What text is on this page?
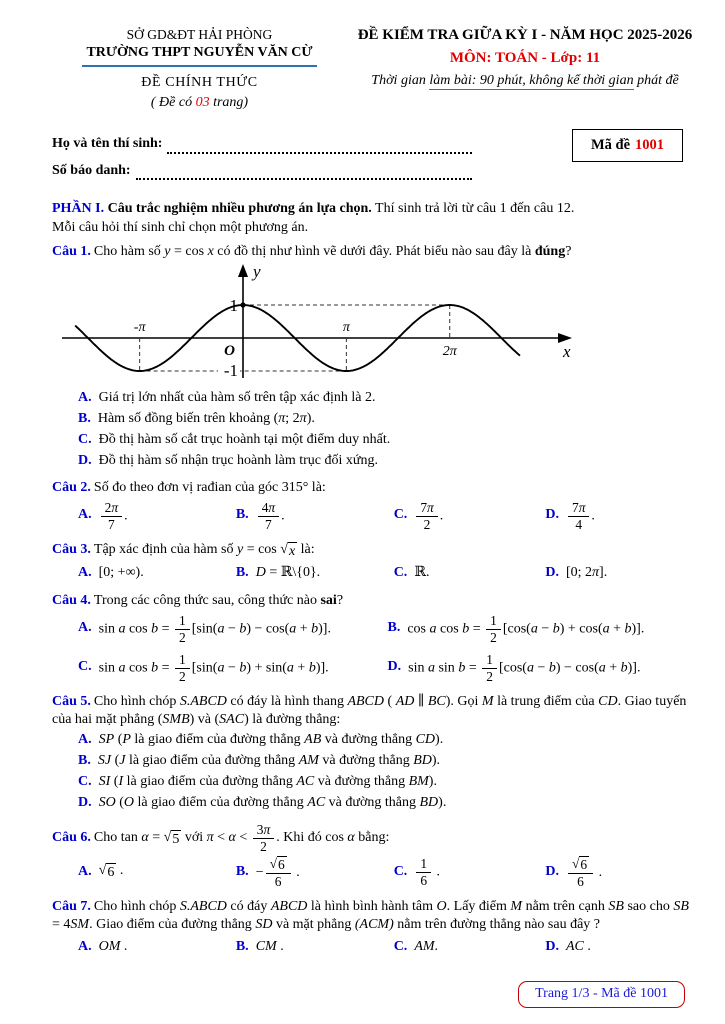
SỞ GD&ĐT HẢI PHÒNG
TRƯỜNG THPT NGUYỄN VĂN CỪ
ĐỀ CHÍNH THỨC
( Đề có 03 trang)
ĐỀ KIỂM TRA GIỮA KỲ I - NĂM HỌC 2025-2026
MÔN: TOÁN - Lớp: 11
Thời gian làm bài: 90 phút, không kể thời gian phát đề
Họ và tên thí sinh:
Số báo danh:
Mã đề 1001
PHẦN I. Câu trắc nghiệm nhiều phương án lựa chọn. Thí sinh trả lời từ câu 1 đến câu 12.
Mỗi câu hỏi thí sinh chỉ chọn một phương án.

Câu 1. Cho hàm số y = cos x có đồ thị như hình vẽ dưới đây. Phát biểu nào sau đây là đúng?

-π	π
2π
1
-1
O
y
x
A. Giá trị lớn nhất của hàm số trên tập xác định là 2.
B. Hàm số đồng biến trên khoảng (π; 2π).
C. Đồ thị hàm số cắt trục hoành tại một điểm duy nhất.
D. Đồ thị hàm số nhận trục hoành làm trục đối xứng.

Câu 2. Số đo theo đơn vị rađian của góc 315° là:

A. $\frac{2\pi}{7}$ .	B. $\frac{4\pi}{7}$ .	C. $\frac{7\pi}{2}$ .	D. $\frac{7\pi}{4}$ .

Câu 3. Tập xác định của hàm số y = cos √ x là:

A. [0; +∞).	B. D = ℝ\{0}.	C. ℝ.	D. [0; 2π].

Câu 4. Trong các công thức sau, công thức nào sai?

A. sin a $\cos b = \frac{1}{2} [\sin(a - b) - \cos(a + b)]$.	B. cos a $\cos b = \frac{1}{2} [\cos(a - b) + \cos(a + b)]$.
C. sin a $\cos b = \frac{1}{2} [\sin(a - b) + \sin(a + b)]$.	D. sin a $\sin b = \frac{1}{2} [\cos(a - b) - \cos(a + b)]$.

Câu 5. Cho hình chóp S.ABCD có đáy là hình thang ABCD ( AD ∥ BC). Gọi M là trung điểm của CD. Giao tuyến của hai mặt phẳng (SMB) và (SAC) là đường thẳng:

A. SP (P là giao điểm của đường thẳng AB và đường thẳng CD).
B. SJ (J là giao điểm của đường thẳng AM và đường thẳng BD).
C. SI (I là giao điểm của đường thẳng AC và đường thẳng BM).
D. SO (O là giao điểm của đường thẳng AC và đường thẳng BD).

Câu 6. Cho tan α = √ 5 với $\pi < \alpha < \frac{3\pi}{2}$ . Khi đó cos α bằng:

A. √ 6 .	B. − $\frac{√ 6}{6}$ .	C. $\frac{1}{6}$ .	D. $\frac{√ 6}{6}$ .

Câu 7. Cho hình chóp S.ABCD có đáy ABCD là hình bình hành tâm O. Lấy điểm M nằm trên cạnh SB sao cho SB = 4SM. Giao điểm của đường thẳng SD và mặt phẳng (ACM) nằm trên đường thẳng nào sau đây ?

A. OM .	B. CM .	C. AM.	D. AC .
Trang 1/3 - Mã đề 1001
